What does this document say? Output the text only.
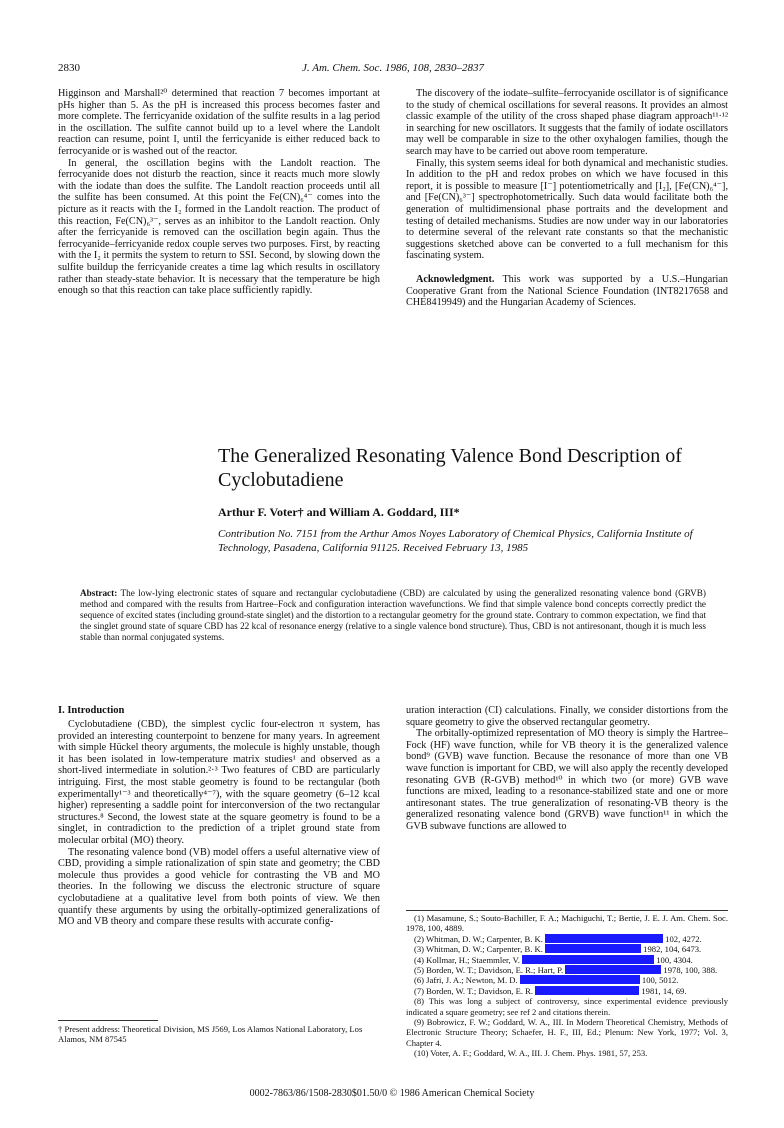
2830	J. Am. Chem. Soc. 1986, 108, 2830–2837

Higginson and Marshall²⁰ determined that reaction 7 becomes important at pHs higher than 5. As the pH is increased this process becomes faster and more complete. The ferricyanide oxidation of the sulfite results in a lag period in the oscillation. The sulfite cannot build up to a level where the Landolt reaction can resume, point I, until the ferricyanide is either reduced back to ferrocyanide or is washed out of the reactor.

In general, the oscillation begins with the Landolt reaction. The ferrocyanide does not disturb the reaction, since it reacts much more slowly with the iodate than does the sulfite. The Landolt reaction proceeds until all the sulfite has been consumed. At this point the Fe(CN)₆⁴⁻ comes into the picture as it reacts with the I₂ formed in the Landolt reaction. The product of this reaction, Fe(CN)₆³⁻, serves as an inhibitor to the Landolt reaction. Only after the ferricyanide is removed can the oscillation begin again. Thus the ferrocyanide–ferricyanide redox couple serves two purposes. First, by reacting with the I₂ it permits the system to return to SSI. Second, by slowing down the sulfite buildup the ferricyanide creates a time lag which results in oscillatory rather than steady-state behavior. It is necessary that the temperature be high enough so that this reaction can take place sufficiently rapidly.

The discovery of the iodate–sulfite–ferrocyanide oscillator is of significance to the study of chemical oscillations for several reasons. It provides an almost classic example of the utility of the cross shaped phase diagram approach¹¹·¹² in searching for new oscillators. It suggests that the family of iodate oscillators may well be comparable in size to the other oxyhalogen families, though the search may have to be carried out above room temperature.

Finally, this system seems ideal for both dynamical and mechanistic studies. In addition to the pH and redox probes on which we have focused in this report, it is possible to measure [I⁻] potentiometrically and [I₂], [Fe(CN)₆⁴⁻], and [Fe(CN)₆³⁻] spectrophotometrically. Such data would facilitate both the generation of multidimensional phase portraits and the development and testing of detailed mechanisms. Studies are now under way in our laboratories to determine several of the relevant rate constants so that the mechanistic suggestions sketched above can be converted to a full mechanism for this fascinating system.

Acknowledgment. This work was supported by a U.S.–Hungarian Cooperative Grant from the National Science Foundation (INT8217658 and CHE8419949) and the Hungarian Academy of Sciences.

The Generalized Resonating Valence Bond Description of Cyclobutadiene
Arthur F. Voter† and William A. Goddard, III*
Contribution No. 7151 from the Arthur Amos Noyes Laboratory of Chemical Physics, California Institute of Technology, Pasadena, California 91125. Received February 13, 1985
Abstract: The low-lying electronic states of square and rectangular cyclobutadiene (CBD) are calculated by using the generalized resonating valence bond (GRVB) method and compared with the results from Hartree–Fock and configuration interaction wavefunctions. We find that simple valence bond concepts correctly predict the sequence of excited states (including ground-state singlet) and the distortion to a rectangular geometry for the ground state. Contrary to common expectation, we find that the singlet ground state of square CBD has 22 kcal of resonance energy (relative to a single valence bond structure). Thus, CBD is not antiresonant, though it is much less stable than normal conjugated systems.
I. Introduction

Cyclobutadiene (CBD), the simplest cyclic four-electron π system, has provided an interesting counterpoint to benzene for many years. In agreement with simple Hückel theory arguments, the molecule is highly unstable, though it has been isolated in low-temperature matrix studies¹ and observed as a short-lived intermediate in solution.²·³ Two features of CBD are particularly intriguing. First, the most stable geometry is found to be rectangular (both experimentally¹⁻³ and theoretically⁴⁻⁷), with the square geometry (6–12 kcal higher) representing a saddle point for interconversion of the two rectangular structures.⁸ Second, the lowest state at the square geometry is found to be a singlet, in contradiction to the prediction of a triplet ground state from molecular orbital (MO) theory.

The resonating valence bond (VB) model offers a useful alternative view of CBD, providing a simple rationalization of spin state and geometry; the CBD molecule thus provides a good vehicle for contrasting the VB and MO theories. In the following we discuss the electronic structure of square cyclobutadiene at a qualitative level from both points of view. We then quantify these arguments by using the orbitally-optimized generalizations of MO and VB theory and compare these results with accurate config-

uration interaction (CI) calculations. Finally, we consider distortions from the square geometry to give the observed rectangular geometry.

The orbitally-optimized representation of MO theory is simply the Hartree–Fock (HF) wave function, while for VB theory it is the generalized valence bond⁹ (GVB) wave function. Because the resonance of more than one VB wave function is important for CBD, we will also apply the recently developed resonating GVB (R-GVB) method¹⁰ in which two (or more) GVB wave functions are mixed, leading to a resonance-stabilized state and one or more antiresonant states. The true generalization of resonating-VB theory is the generalized resonating valence bond (GRVB) wave function¹¹ in which the GVB subwave functions are allowed to

(1) Masamune, S.; Souto-Bachiller, F. A.; Machiguchi, T.; Bertie, J. E. J. Am. Chem. Soc. 1978, 100, 4889.
(2) Whitman, D. W.; Carpenter, B. K.	102, 4272.
(3) Whitman, D. W.; Carpenter, B. K.	1982, 104, 6473.
(4) Kollmar, H.; Staemmler, V.	100, 4304.
(5) Borden, W. T.; Davidson, E. R.; Hart, P.	1978, 100, 388.
(6) Jafri, J. A.; Newton, M. D.	100, 5012.
(7) Borden, W. T.; Davidson, E. R.	1981, 14, 69.
(8) This was long a subject of controversy, since experimental evidence previously indicated a square geometry; see ref 2 and citations therein.
(9) Bobrowicz, F. W.; Goddard, W. A., III. In Modern Theoretical Chemistry, Methods of Electronic Structure Theory; Schaefer, H. F., III, Ed.; Plenum: New York, 1977; Vol. 3, Chapter 4.
(10) Voter, A. F.; Goddard, W. A., III. J. Chem. Phys. 1981, 57, 253.
† Present address: Theoretical Division, MS J569, Los Alamos National Laboratory, Los Alamos, NM 87545
0002-7863/86/1508-2830$01.50/0 © 1986 American Chemical Society
